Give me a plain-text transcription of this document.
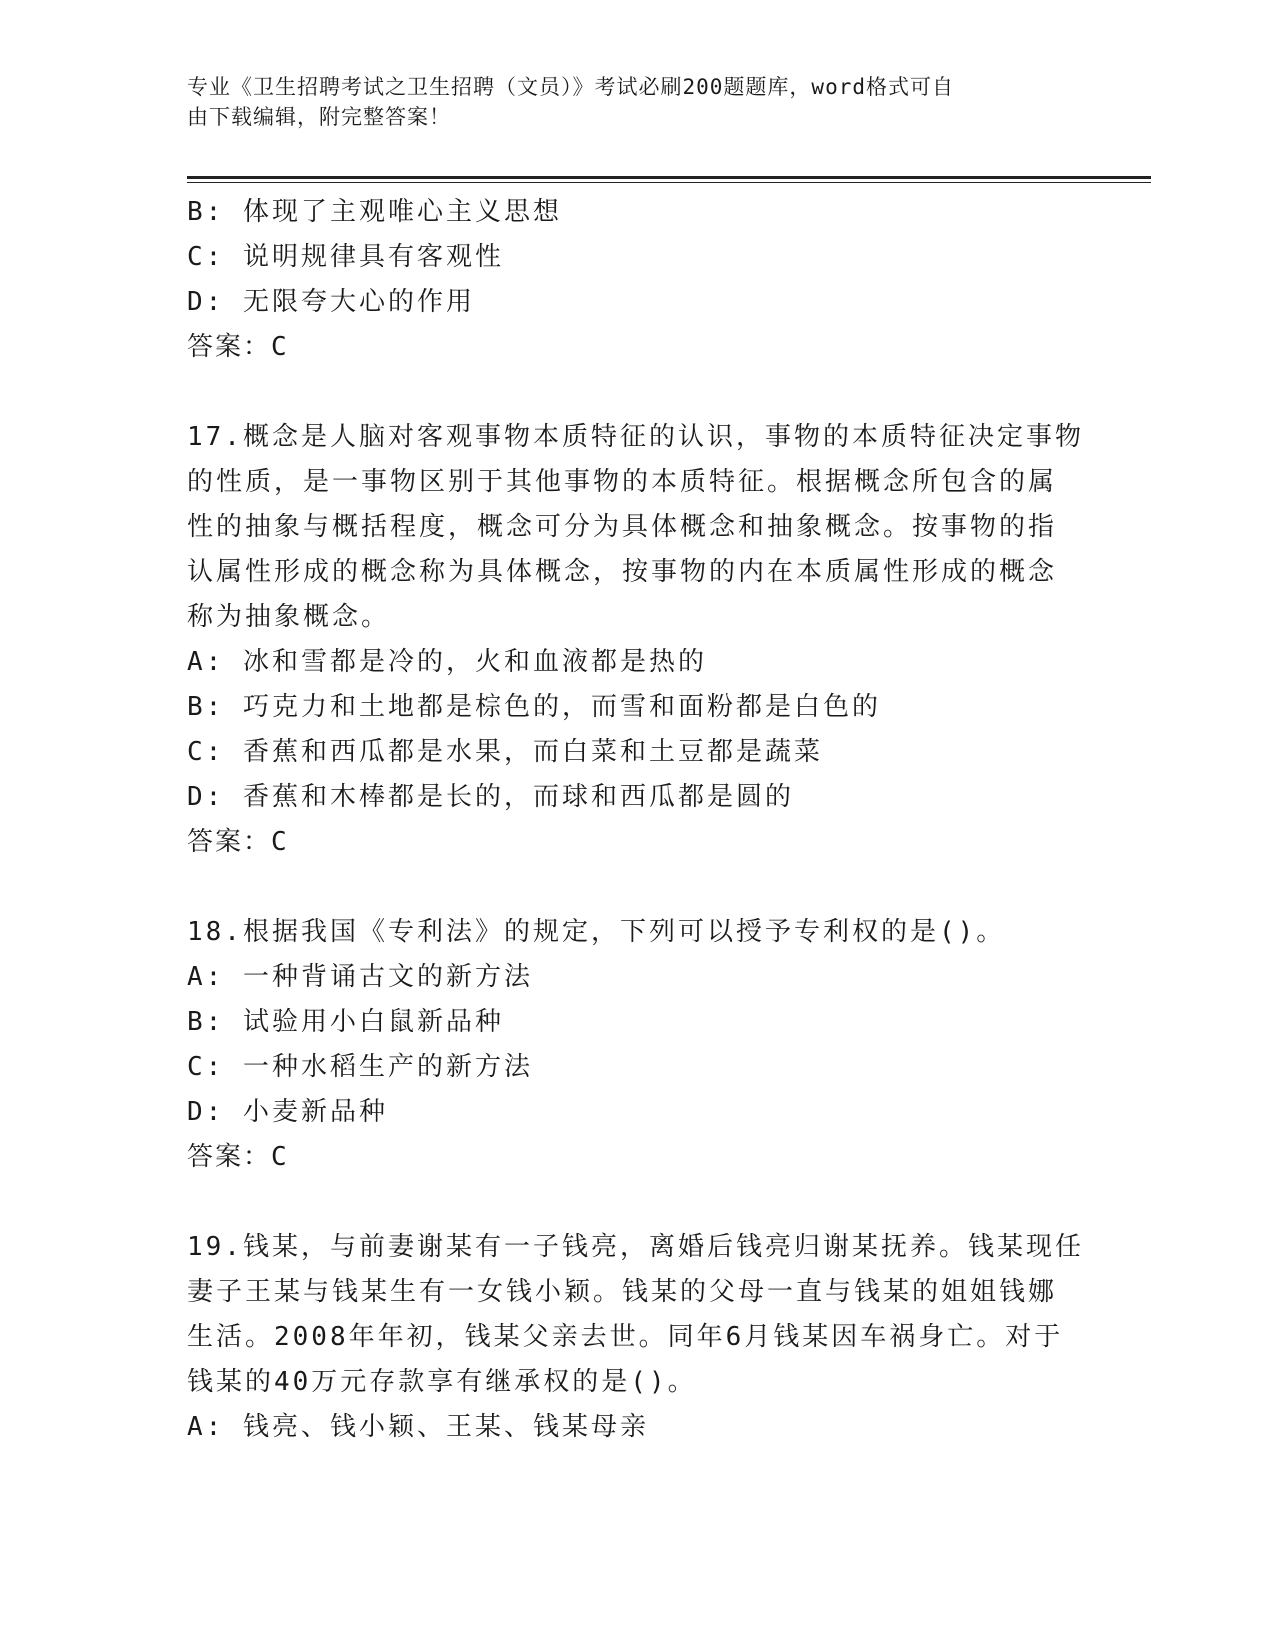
专业《卫生招聘考试之卫生招聘（文员）》考试必刷200题题库，word格式可自
由下载编辑，附完整答案！
B: 体现了主观唯心主义思想
C: 说明规律具有客观性
D: 无限夸大心的作用
答案：C
17.概念是人脑对客观事物本质特征的认识，事物的本质特征决定事物
的性质，是一事物区别于其他事物的本质特征。根据概念所包含的属
性的抽象与概括程度，概念可分为具体概念和抽象概念。按事物的指
认属性形成的概念称为具体概念，按事物的内在本质属性形成的概念
称为抽象概念。
A: 冰和雪都是冷的，火和血液都是热的
B: 巧克力和土地都是棕色的，而雪和面粉都是白色的
C: 香蕉和西瓜都是水果，而白菜和土豆都是蔬菜
D: 香蕉和木棒都是长的，而球和西瓜都是圆的
答案：C
18.根据我国《专利法》的规定，下列可以授予专利权的是()。
A: 一种背诵古文的新方法
B: 试验用小白鼠新品种
C: 一种水稻生产的新方法
D: 小麦新品种
答案：C
19.钱某，与前妻谢某有一子钱亮，离婚后钱亮归谢某抚养。钱某现任
妻子王某与钱某生有一女钱小颖。钱某的父母一直与钱某的姐姐钱娜
生活。2008年年初，钱某父亲去世。同年6月钱某因车祸身亡。对于
钱某的40万元存款享有继承权的是()。
A: 钱亮、钱小颖、王某、钱某母亲
